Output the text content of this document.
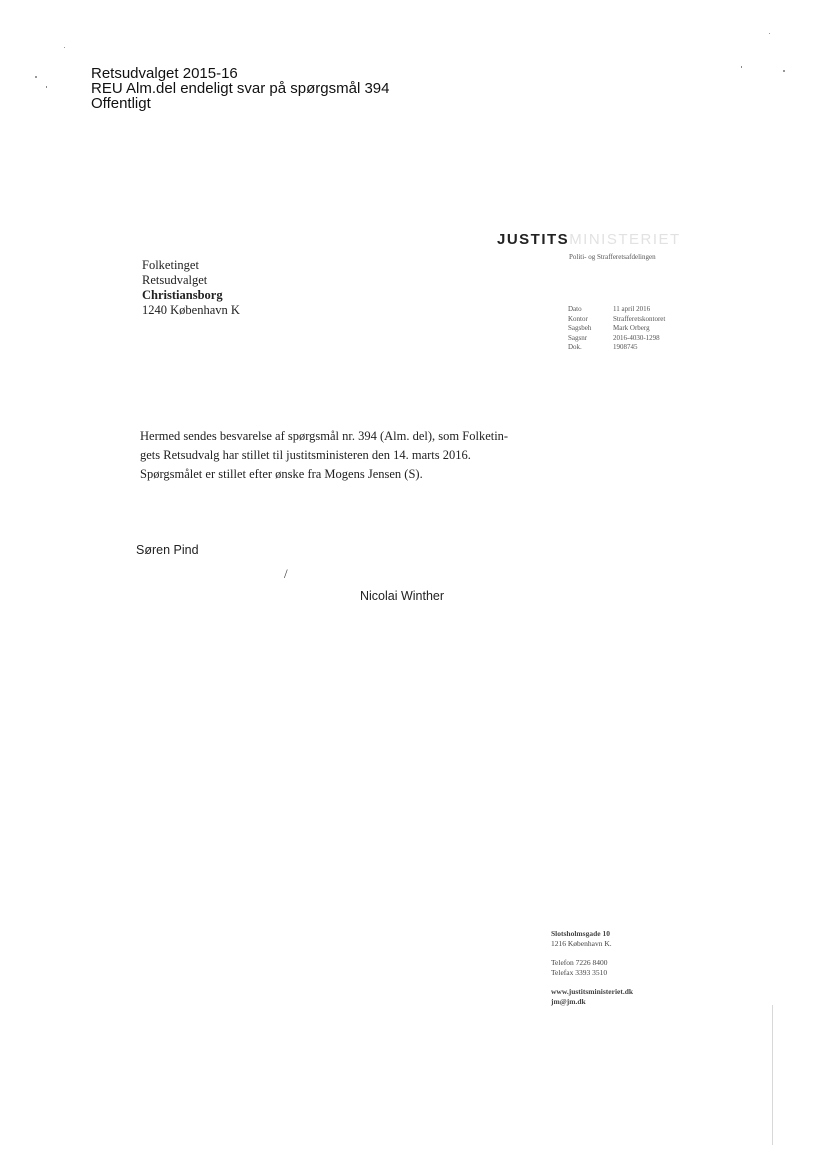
Retsudvalget 2015-16
REU Alm.del endeligt svar på spørgsmål 394
Offentligt
JUSTITSMINISTERIET
Politi- og Strafferetsafdelingen
Folketinget
Retsudvalget
Christiansborg
1240 København K	Dato	11 april 2016
Kontor	Strafferetskontoret
Sagsbeh	Mark Orberg
Sagsnr	2016-4030-1298
Dok.	1908745
Hermed sendes besvarelse af spørgsmål nr. 394 (Alm. del), som Folketin-
gets Retsudvalg har stillet til justitsministeren den 14. marts 2016.
Spørgsmålet er stillet efter ønske fra Mogens Jensen (S).
Søren Pind
/
Nicolai Winther
Slotsholmsgade 10
1216 København K.
Telefon 7226 8400
Telefax 3393 3510
www.justitsministeriet.dk
jm@jm.dk
